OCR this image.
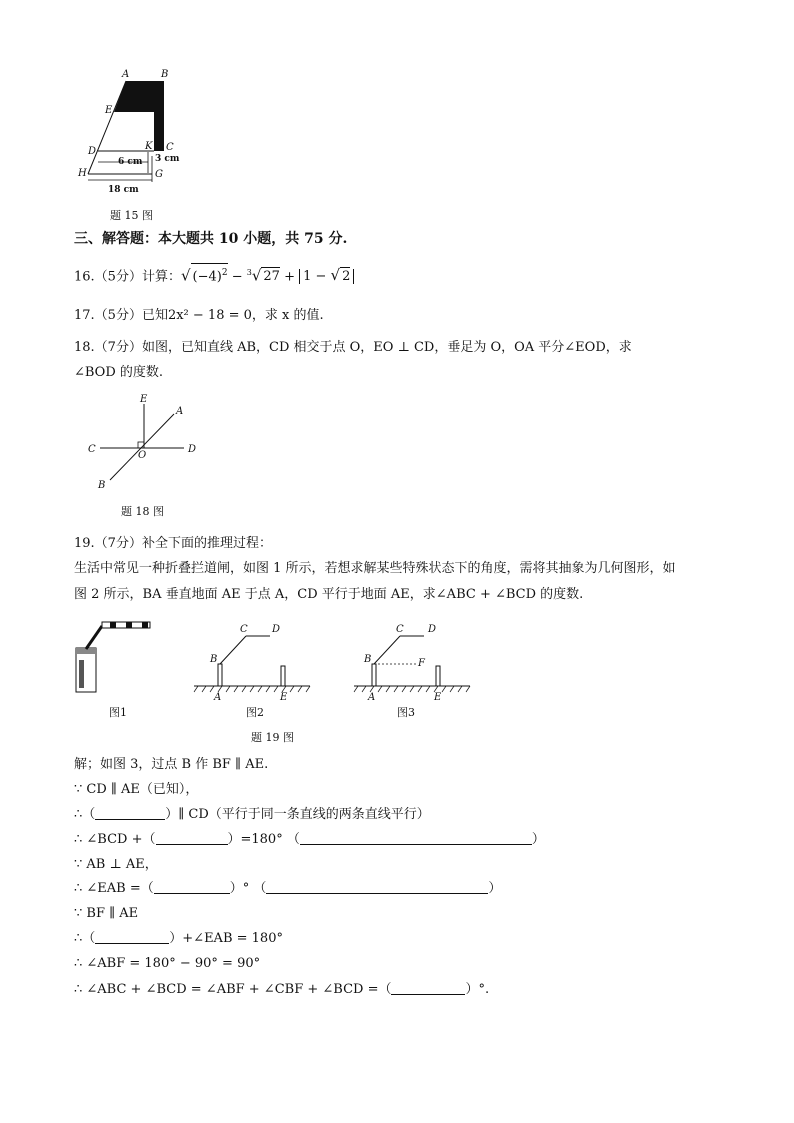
A	B
E
D	K C
H	G
6 cm 3 cm
18 cm
题 15 图
三、解答题：本大题共 10 小题，共 75 分.
16.（5分）计算：√ $(-4)^2 - ^3√$ 27 + 1 − √ 2
17.（5分）已知2x² − 18 = 0，求 x 的值.
18.（7分）如图，已知直线 AB，CD 相交于点 O，EO ⊥ CD，垂足为 O，OA 平分∠EOD，求
∠BOD 的度数.
E
A
C
O
D
B
题 18 图
19.（7分）补全下面的推理过程：
生活中常见一种折叠拦道闸，如图 1 所示，若想求解某些特殊状态下的角度，需将其抽象为几何图形，如
图 2 所示，BA 垂直地面 AE 于点 A，CD 平行于地面 AE，求∠ABC + ∠BCD 的度数.
B
C D
A	E
B
C D
F
A	E
图1	图2	图3
题 19 图
解；如图 3，过点 B 作 BF ∥ AE.
∵ CD ∥ AE（已知），
∴（	）∥ CD（平行于同一条直线的两条直线平行）
∴ ∠BCD +（	）=180° （	）
∵ AB ⊥ AE，
∴ ∠EAB =（	）° （	）
∵ BF ∥ AE
∴（	）+∠EAB = 180°
∴ ∠ABF = 180° − 90° = 90°
∴ ∠ABC + ∠BCD = ∠ABF + ∠CBF + ∠BCD =（	）°.
